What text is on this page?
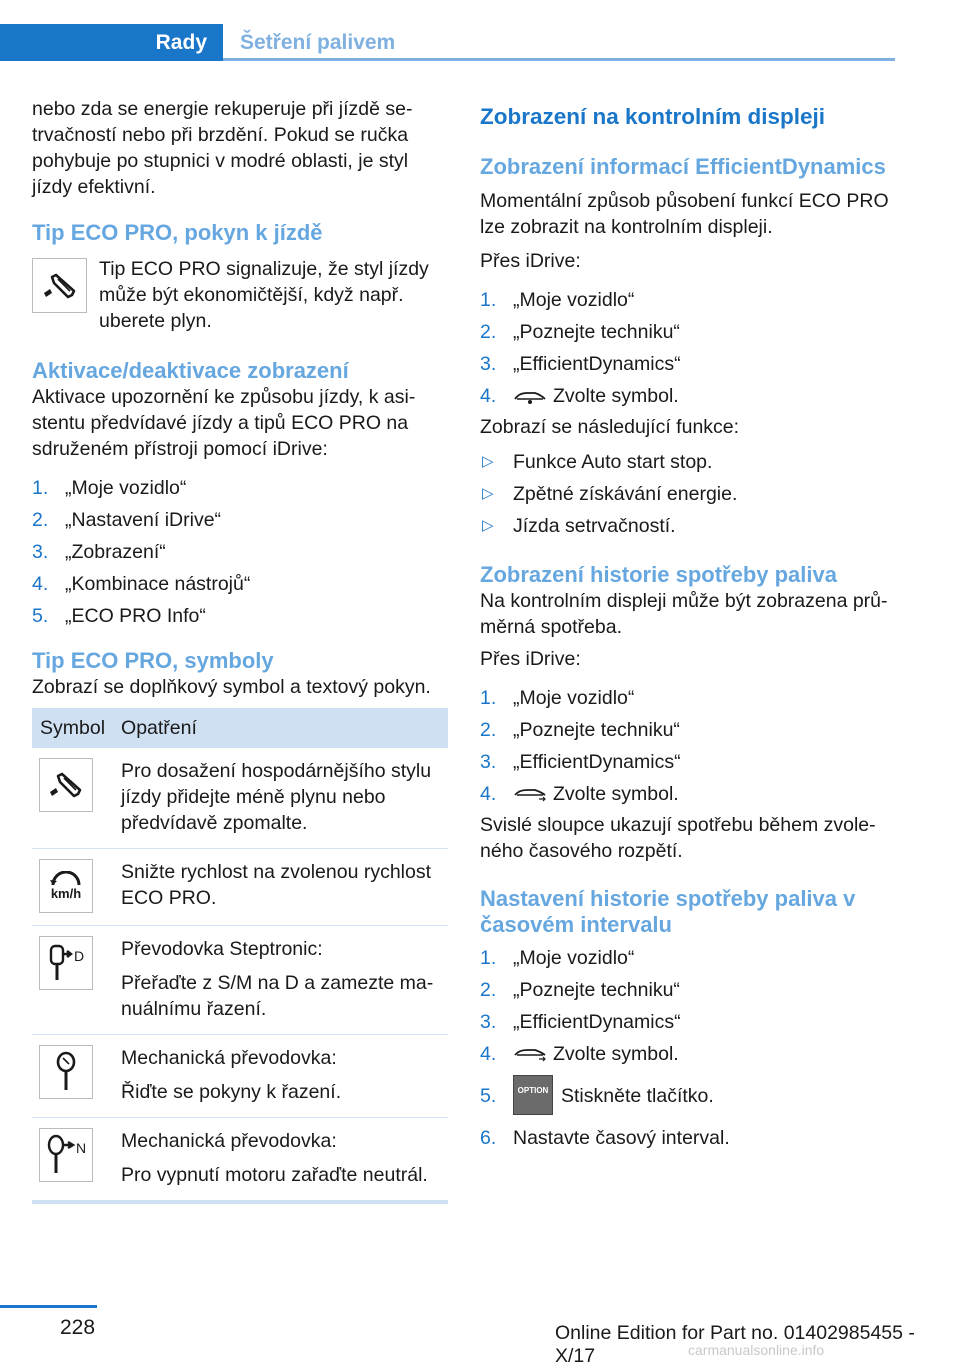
Rady	Šetření palivem

nebo zda se energie rekuperuje při jízdě setrvačností nebo při brzdění. Pokud se ručka pohybuje po stupnici v modré oblasti, je styl jízdy efektivní.

Tip ECO PRO, pokyn k jízdě

Tip ECO PRO signalizuje, že styl jízdy může být ekonomičtější, když např. uberete plyn.

Aktivace/deaktivace zobrazení

Aktivace upozornění ke způsobu jízdy, k asistentu předvídavé jízdy a tipů ECO PRO na sdruženém přístroji pomocí iDrive:

1. „Moje vozidlo“
2. „Nastavení iDrive“
3. „Zobrazení“
4. „Kombinace nástrojů“
5. „ECO PRO Info“
Tip ECO PRO, symboly

Zobrazí se doplňkový symbol a textový pokyn.

Symbol	Opatření

Pro dosažení hospodárnějšího stylu jízdy přidejte méně plynu nebo předvídavě zpomalte.

km/h	Snižte rychlost na zvolenou rychlost ECO PRO.

D	Převodovka Steptronic:
Přeřaďte z S/M na D a zamezte manuálnímu řazení.

Mechanická převodovka:
Řiďte se pokyny k řazení.

N	Mechanická převodovka:
Pro vypnutí motoru zařaďte neutrál.
Zobrazení na kontrolním displeji
Zobrazení informací EfficientDynamics

Momentální způsob působení funkcí ECO PRO lze zobrazit na kontrolním displeji.

Přes iDrive:

1. „Moje vozidlo“
2. „Poznejte techniku“
3. „EfficientDynamics“
4.	Zvolte symbol.

Zobrazí se následující funkce:

▷ Funkce Auto start stop.
▷ Zpětné získávání energie.
▷ Jízda setrvačností.
Zobrazení historie spotřeby paliva

Na kontrolním displeji může být zobrazena průměrná spotřeba.

Přes iDrive:

1. „Moje vozidlo“
2. „Poznejte techniku“
3. „EfficientDynamics“
4.	Zvolte symbol.

Svislé sloupce ukazují spotřebu během zvoleného časového rozpětí.

Nastavení historie spotřeby paliva v časovém intervalu
1. „Moje vozidlo“
2. „Poznejte techniku“
3. „EfficientDynamics“
4.	Zvolte symbol.
5.	OPTION Stiskněte tlačítko.
6. Nastavte časový interval.
228	Online Edition for Part no. 01402985455 - X/17	carmanualsonline.info
